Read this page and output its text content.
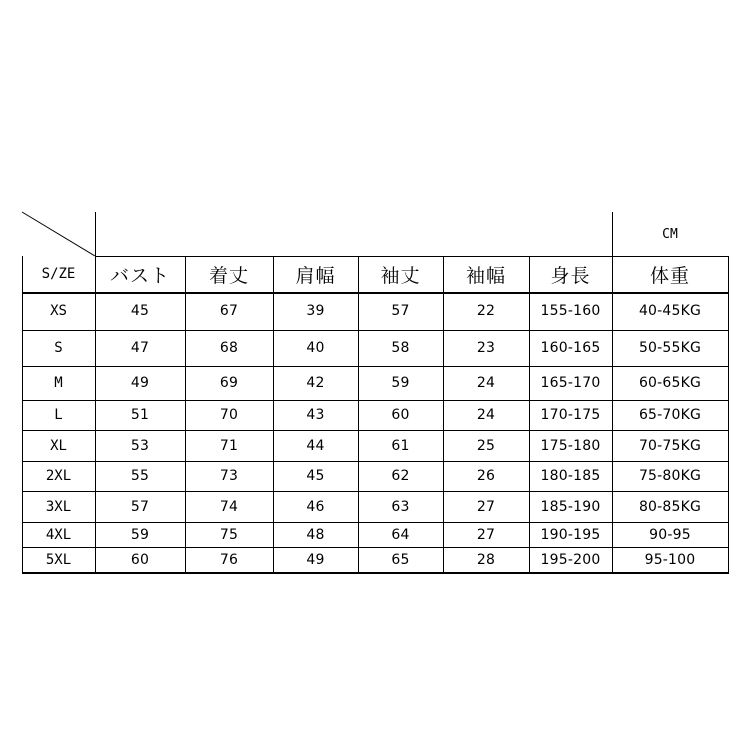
CM
S/ZE	バスト	着丈	肩幅	袖丈	袖幅	身長	体重
XS	45	67	39	57	22	155-160	40-45KG
S	47	68	40	58	23	160-165	50-55KG
M	49	69	42	59	24	165-170	60-65KG
L	51	70	43	60	24	170-175	65-70KG
XL	53	71	44	61	25	175-180	70-75KG
2XL	55	73	45	62	26	180-185	75-80KG
3XL	57	74	46	63	27	185-190	80-85KG
4XL	59	75	48	64	27	190-195	90-95
5XL	60	76	49	65	28	195-200	95-100
